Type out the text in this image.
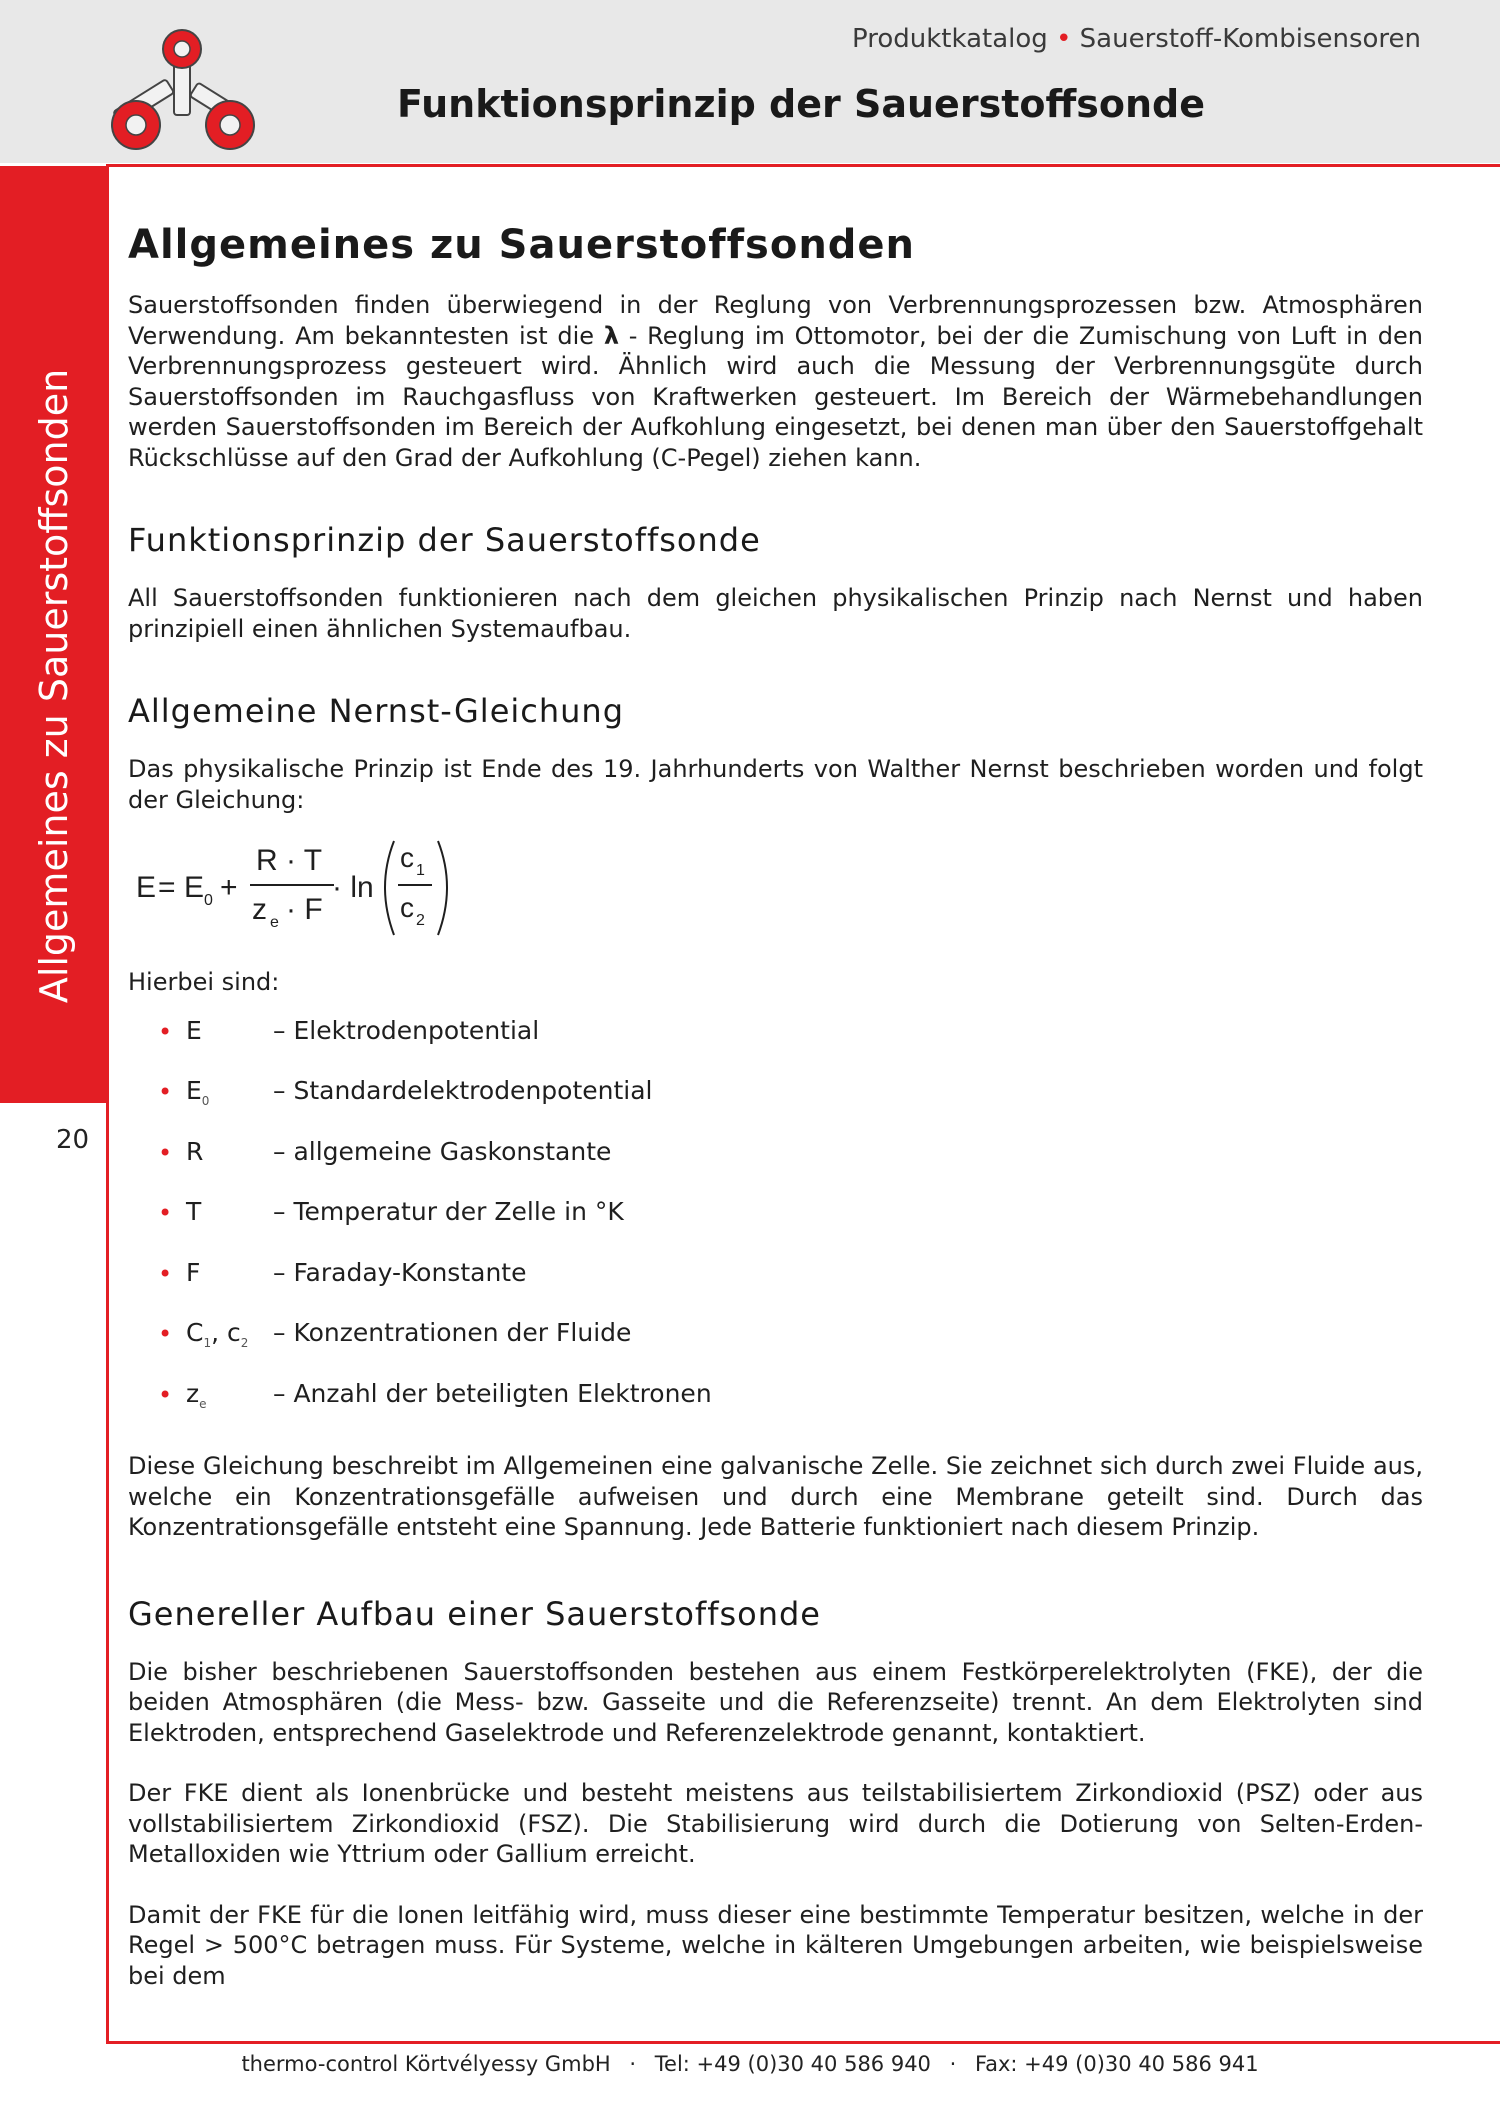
Produktkatalog • Sauerstoff-Kombisensoren
Funktionsprinzip der Sauerstoffsonde
Allgemeines zu Sauerstoffsonden
20
Allgemeines zu Sauerstoffsonden

Sauerstoffsonden finden überwiegend in der Reglung von Verbrennungsprozessen bzw. Atmosphären Verwendung. Am bekanntesten ist die λ - Reglung im Ottomotor, bei der die Zumischung von Luft in den Verbrennungsprozess gesteuert wird. Ähnlich wird auch die Messung der Verbrennungsgüte durch Sauerstoffsonden im Rauchgasfluss von Kraftwerken gesteuert. Im Bereich der Wärmebehandlungen werden Sauerstoffsonden im Bereich der Aufkohlung eingesetzt, bei denen man über den Sauerstoffgehalt Rückschlüsse auf den Grad der Aufkohlung (C-Pegel) ziehen kann.

Funktionsprinzip der Sauerstoffsonde

All Sauerstoffsonden funktionieren nach dem gleichen physikalischen Prinzip nach Nernst und haben prinzipiell einen ähnlichen Systemaufbau.

Allgemeine Nernst-Gleichung

Das physikalische Prinzip ist Ende des 19. Jahrhunderts von Walther Nernst beschrieben worden und folgt der Gleichung:

E = E 0 +
R · T
z e · F
· ln
c 1
c 2

Hierbei sind:

• E	– Elektrodenpotential
• $E_0$	– Standardelektrodenpotential
• R	– allgemeine Gaskonstante
• T	– Temperatur der Zelle in °K
• F	– Faraday-Konstante
• $C_1$, $c_2$ – Konzentrationen der Fluide
• $z_e$	– Anzahl der beteiligten Elektronen

Diese Gleichung beschreibt im Allgemeinen eine galvanische Zelle. Sie zeichnet sich durch zwei Fluide aus, welche ein Konzentrationsgefälle aufweisen und durch eine Membrane geteilt sind. Durch das Konzentrationsgefälle entsteht eine Spannung. Jede Batterie funktioniert nach diesem Prinzip.

Genereller Aufbau einer Sauerstoffsonde

Die bisher beschriebenen Sauerstoffsonden bestehen aus einem Festkörperelektrolyten (FKE), der die beiden Atmosphären (die Mess- bzw. Gasseite und die Referenzseite) trennt. An dem Elektrolyten sind Elektroden, entsprechend Gaselektrode und Referenzelektrode genannt, kontaktiert.

Der FKE dient als Ionenbrücke und besteht meistens aus teilstabilisiertem Zirkondioxid (PSZ) oder aus vollstabilisiertem Zirkondioxid (FSZ). Die Stabilisierung wird durch die Dotierung von Selten-Erden-Metalloxiden wie Yttrium oder Gallium erreicht.

Damit der FKE für die Ionen leitfähig wird, muss dieser eine bestimmte Temperatur besitzen, welche in der Regel > 500°C betragen muss. Für Systeme, welche in kälteren Umgebungen arbeiten, wie beispielsweise bei dem

thermo-control Körtvélyessy GmbH · Tel: +49 (0)30 40 586 940 · Fax: +49 (0)30 40 586 941
